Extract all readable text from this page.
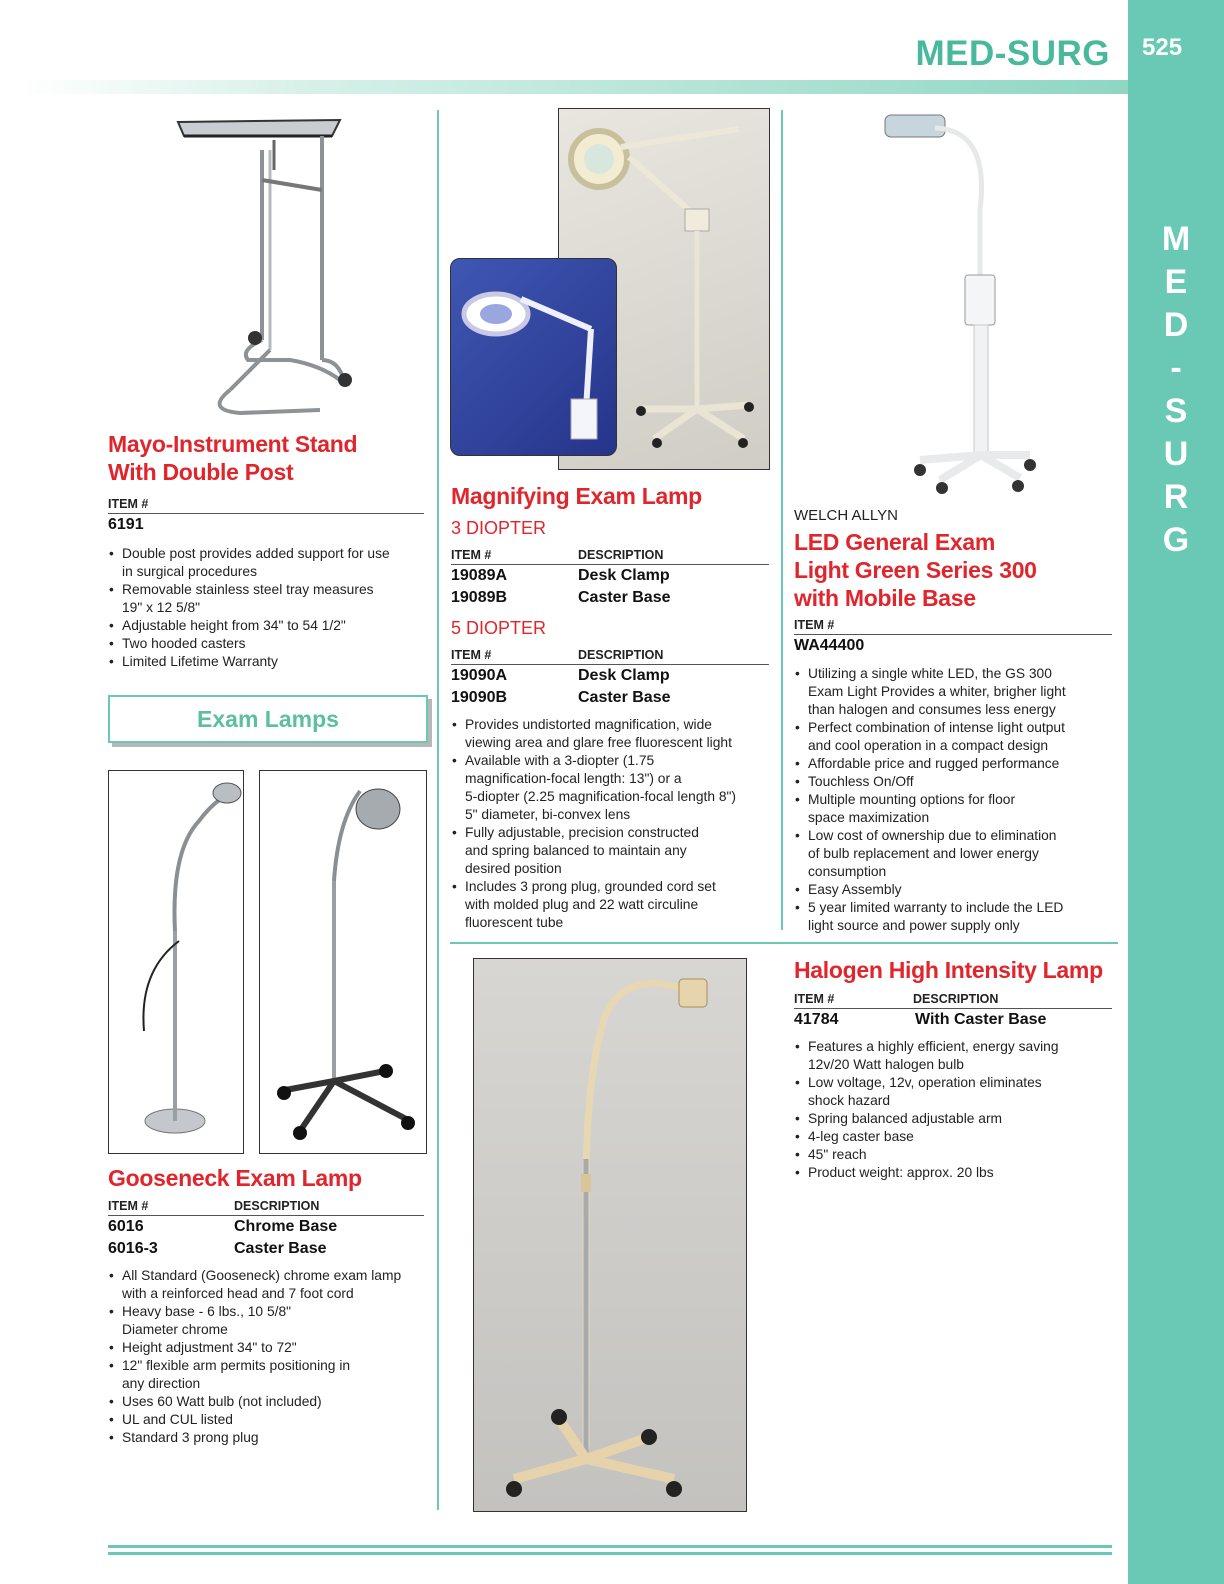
525
M
E
D
-
S
U
R
G
MED-SURG
Mayo-Instrument Stand
With Double Post
ITEM #
6191
• Double post provides added support for use
in surgical procedures
• Removable stainless steel tray measures
19" x 12 5/8"
• Adjustable height from 34" to 54 1/2"
• Two hooded casters
• Limited Lifetime Warranty
Exam Lamps
Gooseneck Exam Lamp
ITEM #	DESCRIPTION
6016	Chrome Base
6016-3	Caster Base
• All Standard (Gooseneck) chrome exam lamp
with a reinforced head and 7 foot cord
• Heavy base - 6 lbs., 10 5/8"
Diameter chrome
• Height adjustment 34" to 72"
• 12" flexible arm permits positioning in
any direction
• Uses 60 Watt bulb (not included)
• UL and CUL listed
• Standard 3 prong plug
Magnifying Exam Lamp
3 DIOPTER
ITEM #	DESCRIPTION
19089A	Desk Clamp
19089B	Caster Base
5 DIOPTER
ITEM #	DESCRIPTION
19090A	Desk Clamp
19090B	Caster Base
• Provides undistorted magnification, wide
viewing area and glare free fluorescent light
• Available with a 3-diopter (1.75
magnification-focal length: 13") or a
5-diopter (2.25 magnification-focal length 8")
5" diameter, bi-convex lens
• Fully adjustable, precision constructed
and spring balanced to maintain any
desired position
• Includes 3 prong plug, grounded cord set
with molded plug and 22 watt circuline
fluorescent tube
WELCH ALLYN
LED General Exam
Light Green Series 300
with Mobile Base
ITEM #
WA44400
• Utilizing a single white LED, the GS 300
Exam Light Provides a whiter, brigher light
than halogen and consumes less energy
• Perfect combination of intense light output
and cool operation in a compact design
• Affordable price and rugged performance
• Touchless On/Off
• Multiple mounting options for floor
space maximization
• Low cost of ownership due to elimination
of bulb replacement and lower energy
consumption
• Easy Assembly
• 5 year limited warranty to include the LED
light source and power supply only
Halogen High Intensity Lamp
ITEM #	DESCRIPTION
41784	With Caster Base
• Features a highly efficient, energy saving
12v/20 Watt halogen bulb
• Low voltage, 12v, operation eliminates
shock hazard
• Spring balanced adjustable arm
• 4-leg caster base
• 45" reach
• Product weight: approx. 20 lbs
